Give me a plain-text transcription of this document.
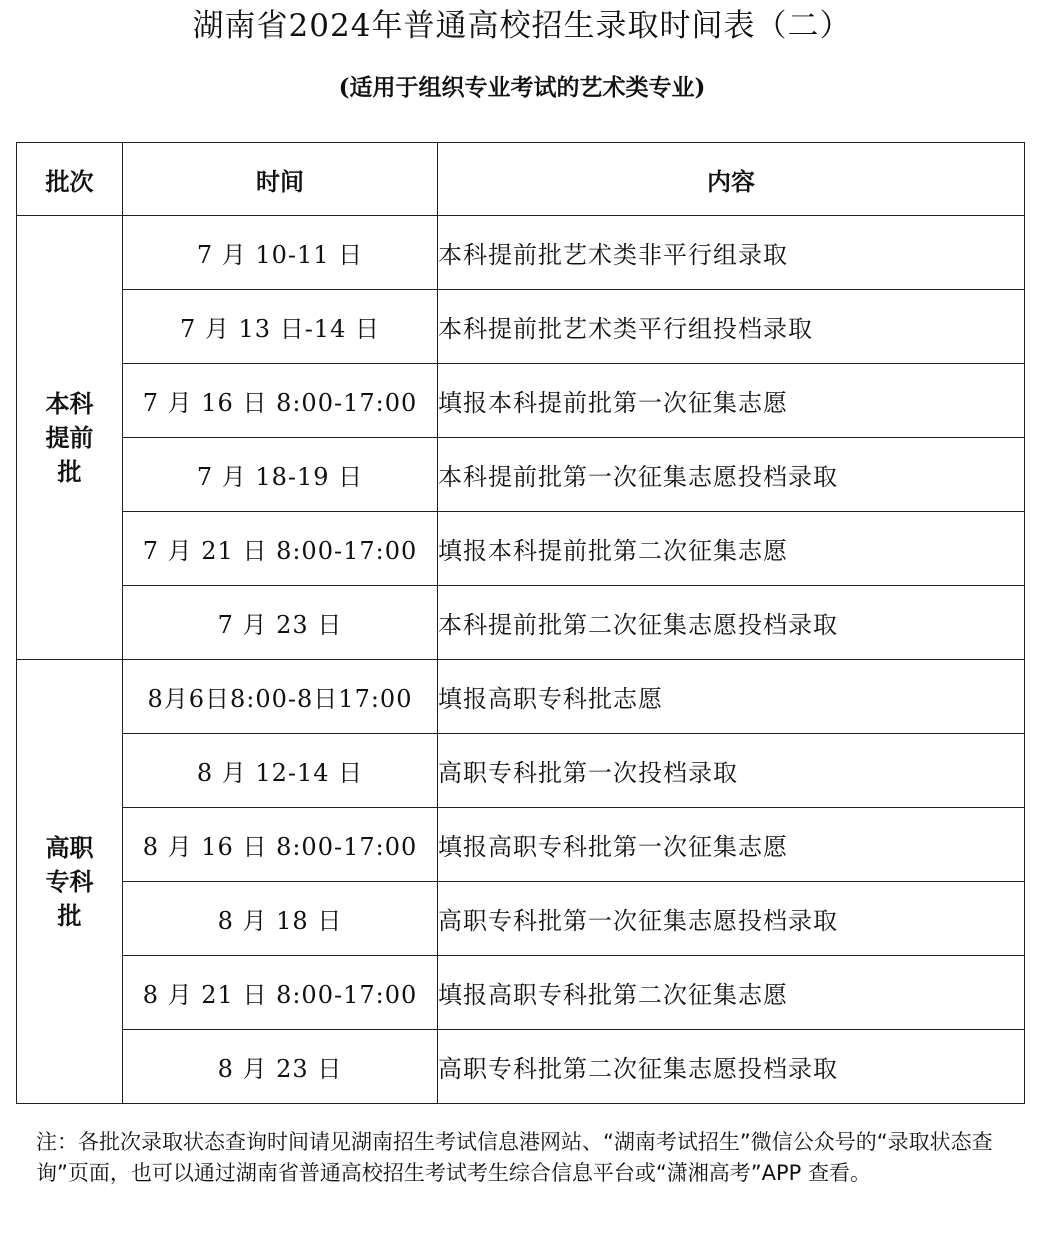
湖南省2024年普通高校招生录取时间表（二）
(适用于组织专业考试的艺术类专业)
批次	时间	内容
本科提前批	7 月 10-11 日	本科提前批艺术类非平行组录取
	7 月 13 日-14 日	本科提前批艺术类平行组投档录取
	7 月 16 日 8:00-17:00	填报本科提前批第一次征集志愿
	7 月 18-19 日	本科提前批第一次征集志愿投档录取
	7 月 21 日 8:00-17:00	填报本科提前批第二次征集志愿
	7 月 23 日	本科提前批第二次征集志愿投档录取
高职专科批	8月6日8:00-8日17:00	填报高职专科批志愿
	8 月 12-14 日	高职专科批第一次投档录取
	8 月 16 日 8:00-17:00	填报高职专科批第一次征集志愿
	8 月 18 日	高职专科批第一次征集志愿投档录取
	8 月 21 日 8:00-17:00	填报高职专科批第二次征集志愿
	8 月 23 日	高职专科批第二次征集志愿投档录取
注：各批次录取状态查询时间请见湖南招生考试信息港网站、“湖南考试招生”微信公众号的“录取状态查询”页面，也可以通过湖南省普通高校招生考试考生综合信息平台或“潇湘高考”APP 查看。
